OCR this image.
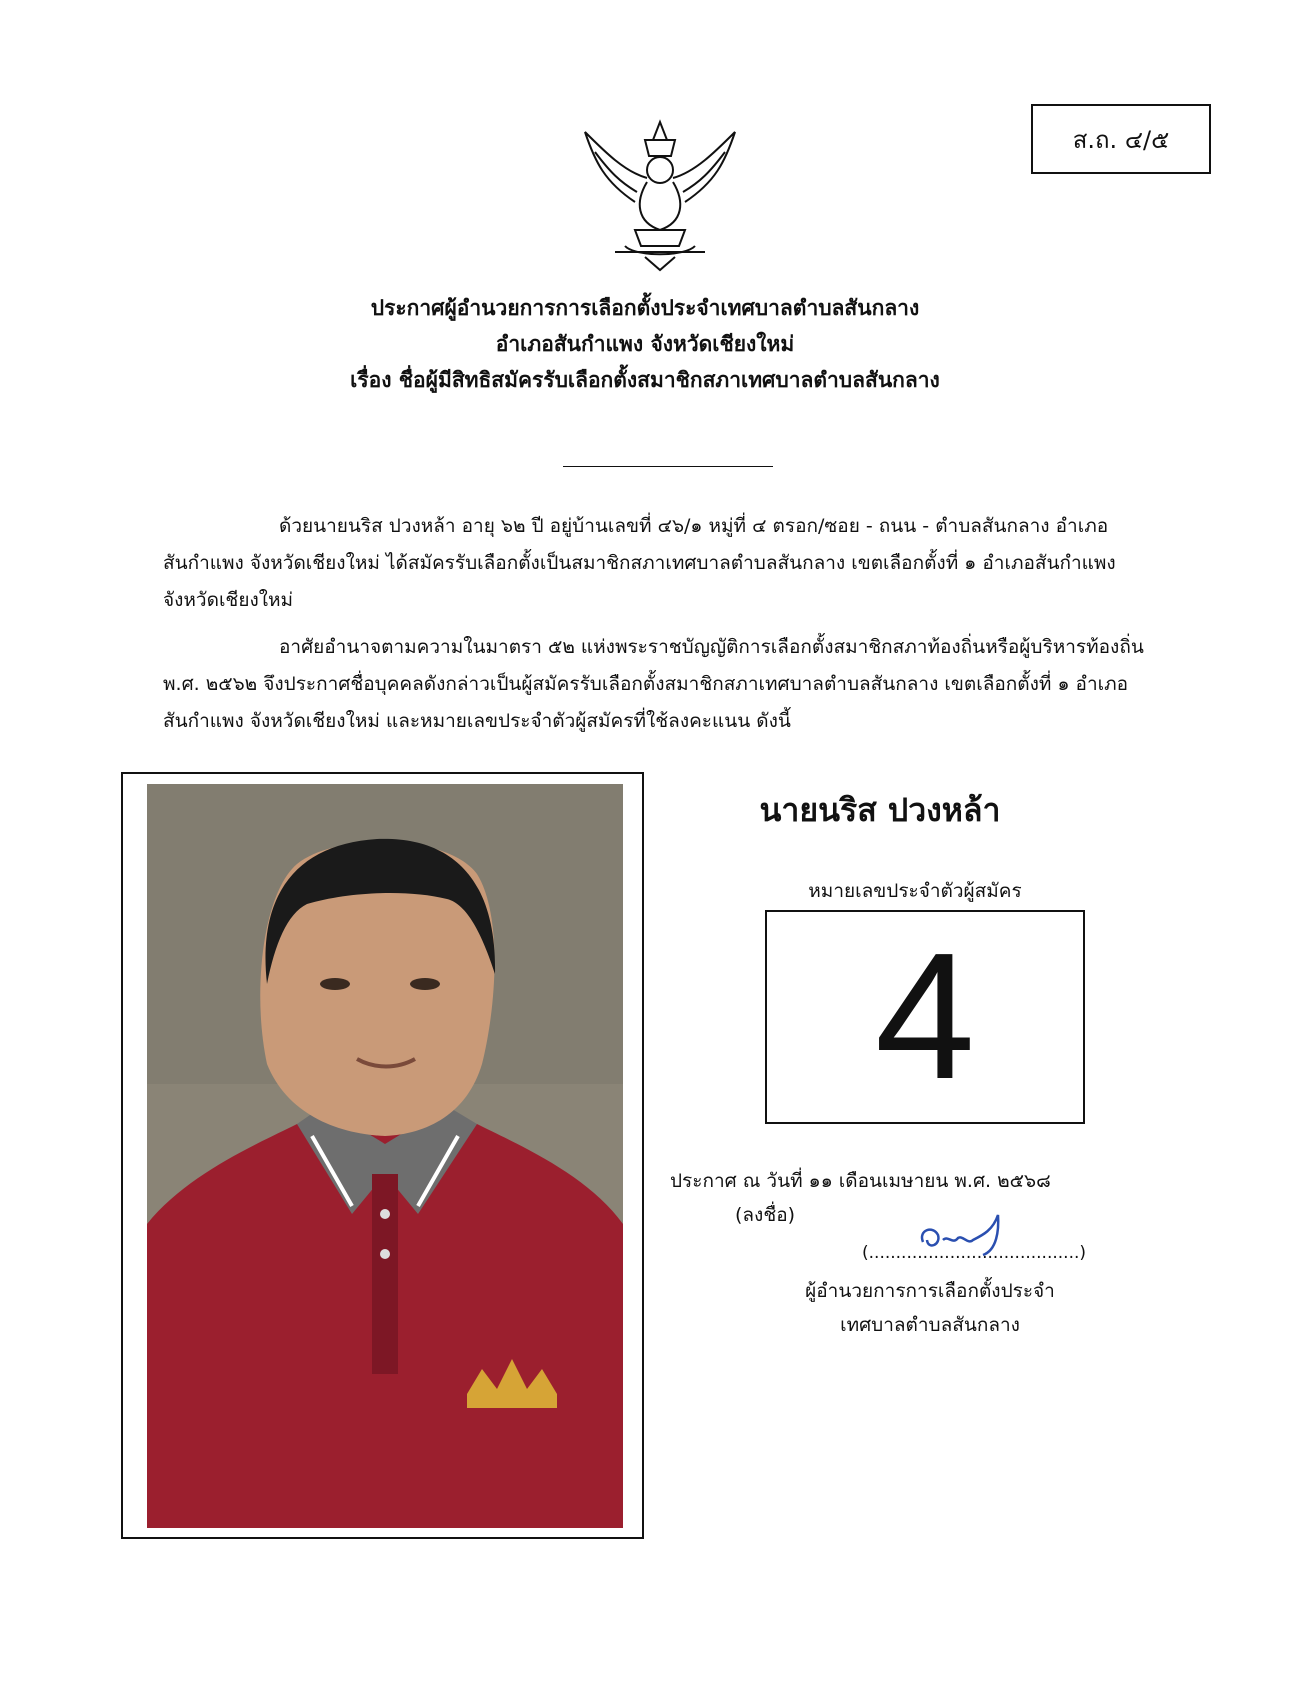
ส.ถ. ๔/๕
ประกาศผู้อำนวยการการเลือกตั้งประจำเทศบาลตำบลสันกลาง
อำเภอสันกำแพง จังหวัดเชียงใหม่
เรื่อง ชื่อผู้มีสิทธิสมัครรับเลือกตั้งสมาชิกสภาเทศบาลตำบลสันกลาง

ด้วยนายนริส ปวงหล้า อายุ ๖๒ ปี อยู่บ้านเลขที่ ๔๖/๑ หมู่ที่ ๔ ตรอก/ซอย - ถนน - ตำบลสันกลาง อำเภอสันกำแพง จังหวัดเชียงใหม่ ได้สมัครรับเลือกตั้งเป็นสมาชิกสภาเทศบาลตำบลสันกลาง เขตเลือกตั้งที่ ๑ อำเภอสันกำแพง จังหวัดเชียงใหม่

อาศัยอำนาจตามความในมาตรา ๕๒ แห่งพระราชบัญญัติการเลือกตั้งสมาชิกสภาท้องถิ่นหรือผู้บริหารท้องถิ่น พ.ศ. ๒๕๖๒ จึงประกาศชื่อบุคคลดังกล่าวเป็นผู้สมัครรับเลือกตั้งสมาชิกสภาเทศบาลตำบลสันกลาง เขตเลือกตั้งที่ ๑ อำเภอสันกำแพง จังหวัดเชียงใหม่ และหมายเลขประจำตัวผู้สมัครที่ใช้ลงคะแนน ดังนี้

นายนริส ปวงหล้า
หมายเลขประจำตัวผู้สมัคร
4
ประกาศ ณ วันที่ ๑๑ เดือนเมษายน พ.ศ. ๒๕๖๘
(ลงชื่อ)
(.......................................)
ผู้อำนวยการการเลือกตั้งประจำ
เทศบาลตำบลสันกลาง
